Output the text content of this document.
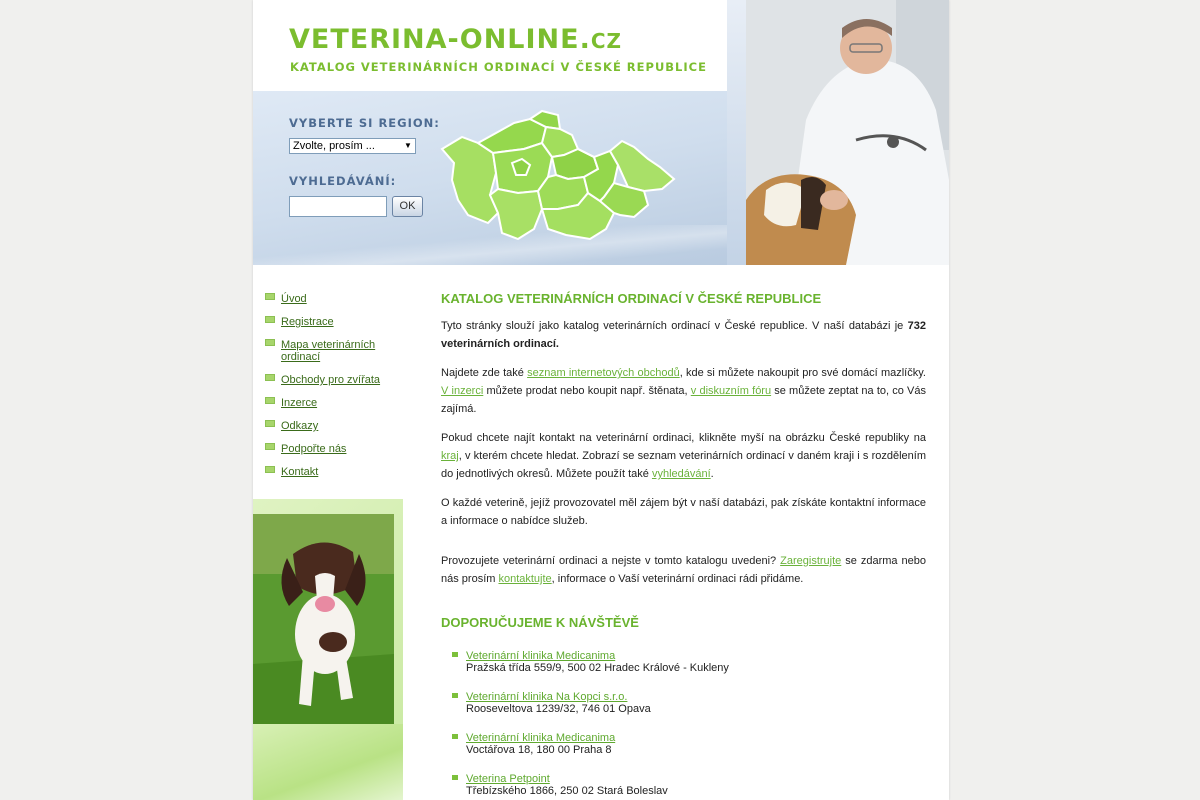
VETERINA-ONLINE.CZ
KATALOG VETERINÁRNÍCH ORDINACÍ V ČESKÉ REPUBLICE
VYBERTE SI REGION:
Zvolte, prosím ...	▼
VYHLEDÁVÁNÍ:
OK
Úvod
Registrace
Mapa veterinárních ordinací
Obchody pro zvířata
Inzerce
Odkazy
Podpořte nás
Kontakt
KATALOG VETERINÁRNÍCH ORDINACÍ V ČESKÉ REPUBLICE

Tyto stránky slouží jako katalog veterinárních ordinací v České republice. V naší databázi je 732 veterinárních ordinací.

Najdete zde také seznam internetových obchodů, kde si můžete nakoupit pro své domácí mazlíčky. V inzerci můžete prodat nebo koupit např. štěnata, v diskuzním fóru se můžete zeptat na to, co Vás zajímá.

Pokud chcete najít kontakt na veterinární ordinaci, klikněte myší na obrázku České republiky na kraj, v kterém chcete hledat. Zobrazí se seznam veterinárních ordinací v daném kraji i s rozdělením do jednotlivých okresů. Můžete použít také vyhledávání.

O každé veterině, jejíž provozovatel měl zájem být v naší databázi, pak získáte kontaktní informace a informace o nabídce služeb.

Provozujete veterinární ordinaci a nejste v tomto katalogu uvedeni? Zaregistrujte se zdarma nebo nás prosím kontaktujte, informace o Vaší veterinární ordinaci rádi přidáme.

DOPORUČUJEME K NÁVŠTĚVĚ
Veterinární klinika Medicanima
Pražská třída 559/9, 500 02 Hradec Králové - Kukleny
Veterinární klinika Na Kopci s.r.o.
Rooseveltova 1239/32, 746 01 Opava
Veterinární klinika Medicanima
Voctářova 18, 180 00 Praha 8
Veterina Petpoint
Třebízského 1866, 250 02 Stará Boleslav
